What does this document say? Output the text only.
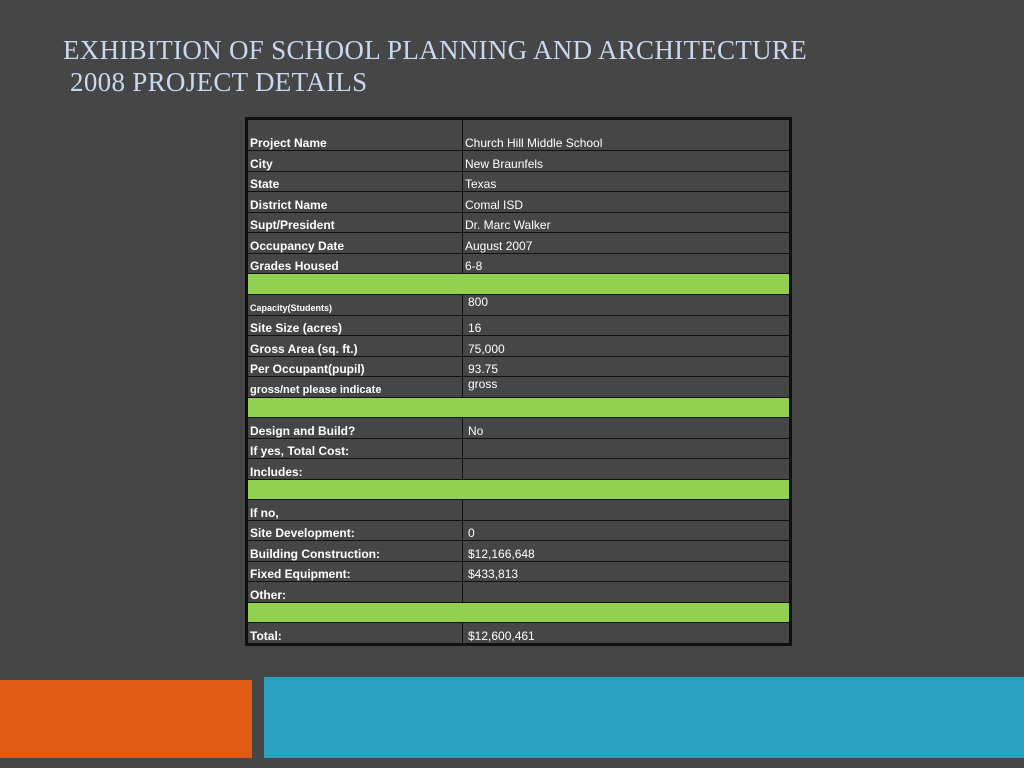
EXHIBITION OF SCHOOL PLANNING AND ARCHITECTURE
2008 PROJECT DETAILS
Project Name	Church Hill Middle School
City	New Braunfels
State	Texas
District Name	Comal ISD
Supt/President	Dr. Marc Walker
Occupancy Date	August 2007
Grades Housed	6-8

Capacity(Students)	800
Site Size (acres)	16
Gross Area (sq. ft.)	75,000
Per Occupant(pupil)	93.75
gross/net please indicate	gross

Design and Build?	No
If yes, Total Cost:	
Includes:	

If no,	
Site Development:	0
Building Construction:	$12,166,648
Fixed Equipment:	$433,813
Other:	

Total:	$12,600,461
